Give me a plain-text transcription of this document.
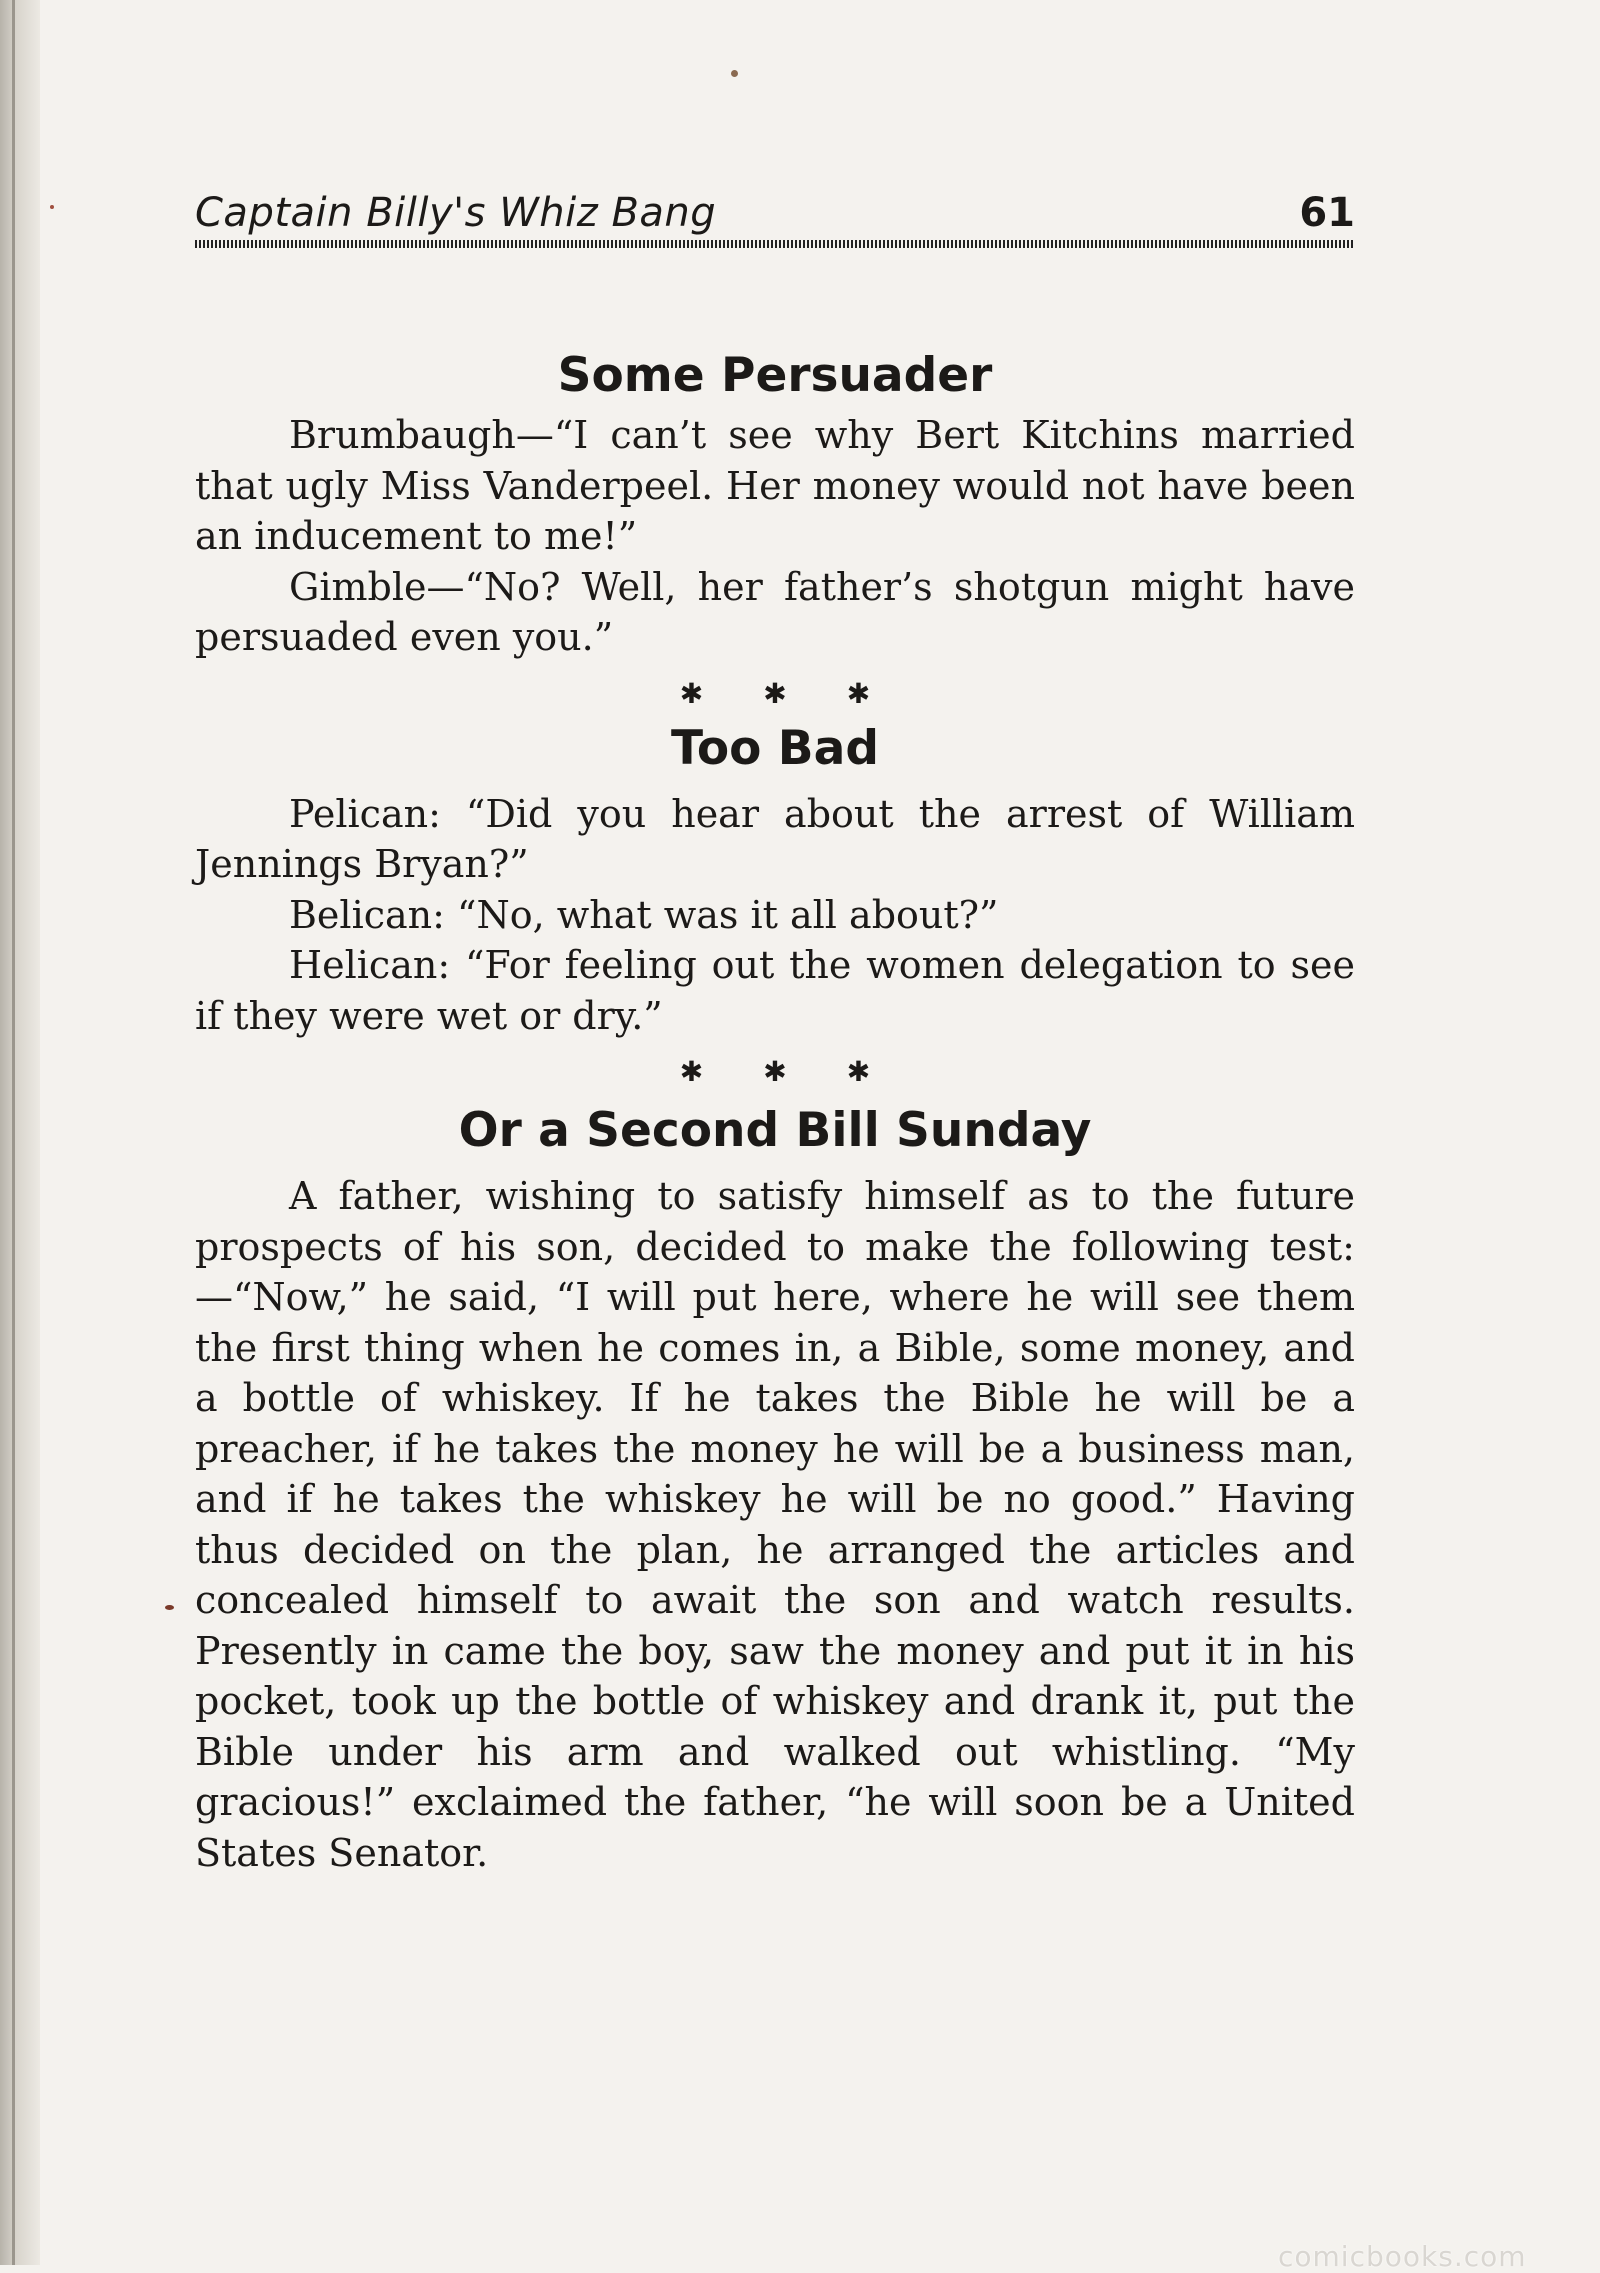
Captain Billy's Whiz Bang	61
Some Persuader

Brumbaugh—“I can’t see why Bert Kitchins married that ugly Miss Vanderpeel. Her money would not have been an inducement to me!”

Gimble—“No? Well, her father’s shotgun might have persuaded even you.”

✱ ✱ ✱
Too Bad

Pelican: “Did you hear about the arrest of William Jennings Bryan?”

Belican: “No, what was it all about?”

Helican: “For feeling out the women delegation to see if they were wet or dry.”

✱ ✱ ✱
Or a Second Bill Sunday

A father, wishing to satisfy himself as to the future prospects of his son, decided to make the following test:—“Now,” he said, “I will put here, where he will see them the first thing when he comes in, a Bible, some money, and a bottle of whiskey. If he takes the Bible he will be a preacher, if he takes the money he will be a business man, and if he takes the whiskey he will be no good.” Having thus decided on the plan, he arranged the articles and concealed himself to await the son and watch results. Presently in came the boy, saw the money and put it in his pocket, took up the bottle of whiskey and drank it, put the Bible under his arm and walked out whistling. “My gracious!” exclaimed the father, “he will soon be a United States Senator.

comicbooks.com
